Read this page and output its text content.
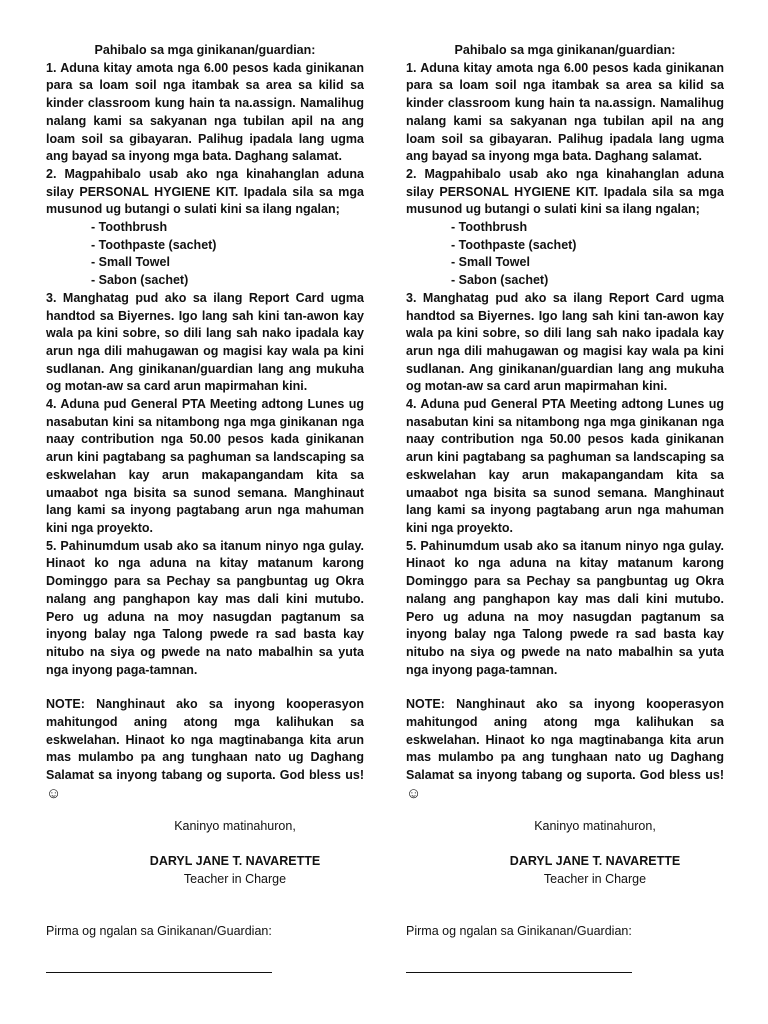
Pahibalo sa mga ginikanan/guardian:

1. Aduna kitay amota nga 6.00 pesos kada ginikanan para sa loam soil nga itambak sa area sa kilid sa kinder classroom kung hain ta na.assign. Namalihug nalang kami sa sakyanan nga tubilan apil na ang loam soil sa gibayaran. Palihug ipadala lang ugma ang bayad sa inyong mga bata. Daghang salamat.

2. Magpahibalo usab ako nga kinahanglan aduna silay PERSONAL HYGIENE KIT. Ipadala sila sa mga musunod ug butangi o sulati kini sa ilang ngalan;

- Toothbrush
- Toothpaste (sachet)
- Small Towel
- Sabon (sachet)

3. Manghatag pud ako sa ilang Report Card ugma handtod sa Biyernes. Igo lang sah kini tan-awon kay wala pa kini sobre, so dili lang sah nako ipadala kay arun nga dili mahugawan og magisi kay wala pa kini sudlanan. Ang ginikanan/guardian lang ang mukuha og motan-aw sa card arun mapirmahan kini.

4. Aduna pud General PTA Meeting adtong Lunes ug nasabutan kini sa nitambong nga mga ginikanan nga naay contribution nga 50.00 pesos kada ginikanan arun kini pagtabang sa paghuman sa landscaping sa eskwelahan kay arun makapangandam kita sa umaabot nga bisita sa sunod semana. Manghinaut lang kami sa inyong pagtabang arun nga mahuman kini nga proyekto.

5. Pahinumdum usab ako sa itanum ninyo nga gulay. Hinaot ko nga aduna na kitay matanum karong Dominggo para sa Pechay sa pangbuntag ug Okra nalang ang panghapon kay mas dali kini mutubo. Pero ug aduna na moy nasugdan pagtanum sa inyong balay nga Talong pwede ra sad basta kay nitubo na siya og pwede na nato mabalhin sa yuta nga inyong paga-tamnan.

NOTE: Nanghinaut ako sa inyong kooperasyon mahitungod aning atong mga kalihukan sa eskwelahan. Hinaot ko nga magtinabanga kita arun mas mulambo pa ang tunghaan nato ug Daghang Salamat sa inyong tabang og suporta. God bless us! ☺

Kaninyo matinahuron,

DARYL JANE T. NAVARETTE

Teacher in Charge

Pirma og ngalan sa Ginikanan/Guardian:

Pahibalo sa mga ginikanan/guardian:

1. Aduna kitay amota nga 6.00 pesos kada ginikanan para sa loam soil nga itambak sa area sa kilid sa kinder classroom kung hain ta na.assign. Namalihug nalang kami sa sakyanan nga tubilan apil na ang loam soil sa gibayaran. Palihug ipadala lang ugma ang bayad sa inyong mga bata. Daghang salamat.

2. Magpahibalo usab ako nga kinahanglan aduna silay PERSONAL HYGIENE KIT. Ipadala sila sa mga musunod ug butangi o sulati kini sa ilang ngalan;

- Toothbrush
- Toothpaste (sachet)
- Small Towel
- Sabon (sachet)

3. Manghatag pud ako sa ilang Report Card ugma handtod sa Biyernes. Igo lang sah kini tan-awon kay wala pa kini sobre, so dili lang sah nako ipadala kay arun nga dili mahugawan og magisi kay wala pa kini sudlanan. Ang ginikanan/guardian lang ang mukuha og motan-aw sa card arun mapirmahan kini.

4. Aduna pud General PTA Meeting adtong Lunes ug nasabutan kini sa nitambong nga mga ginikanan nga naay contribution nga 50.00 pesos kada ginikanan arun kini pagtabang sa paghuman sa landscaping sa eskwelahan kay arun makapangandam kita sa umaabot nga bisita sa sunod semana. Manghinaut lang kami sa inyong pagtabang arun nga mahuman kini nga proyekto.

5. Pahinumdum usab ako sa itanum ninyo nga gulay. Hinaot ko nga aduna na kitay matanum karong Dominggo para sa Pechay sa pangbuntag ug Okra nalang ang panghapon kay mas dali kini mutubo. Pero ug aduna na moy nasugdan pagtanum sa inyong balay nga Talong pwede ra sad basta kay nitubo na siya og pwede na nato mabalhin sa yuta nga inyong paga-tamnan.

NOTE: Nanghinaut ako sa inyong kooperasyon mahitungod aning atong mga kalihukan sa eskwelahan. Hinaot ko nga magtinabanga kita arun mas mulambo pa ang tunghaan nato ug Daghang Salamat sa inyong tabang og suporta. God bless us! ☺

Kaninyo matinahuron,

DARYL JANE T. NAVARETTE

Teacher in Charge

Pirma og ngalan sa Ginikanan/Guardian:
